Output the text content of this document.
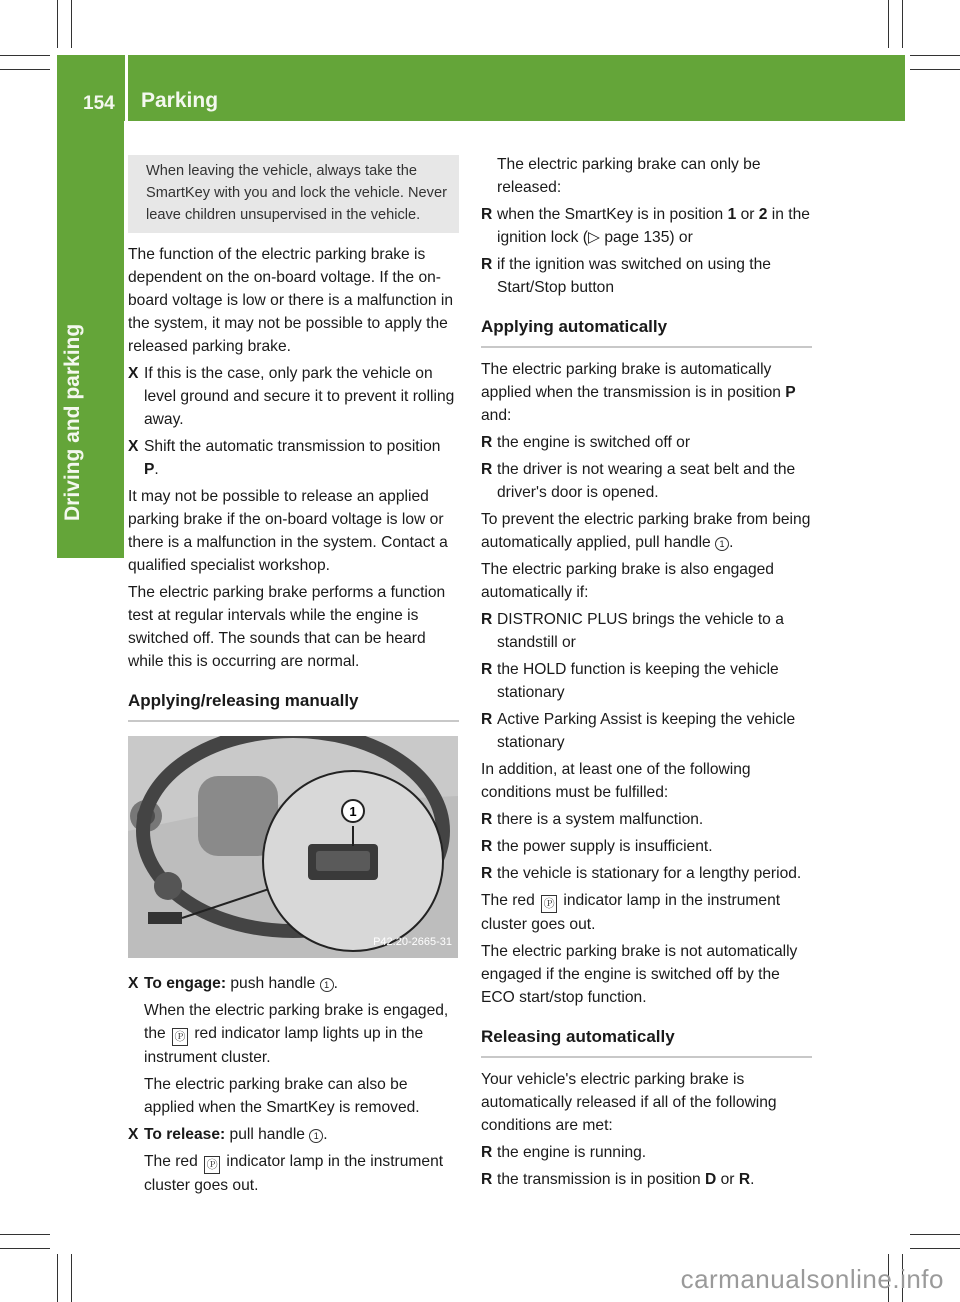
154 Parking
Driving and parking
When leaving the vehicle, always take the SmartKey with you and lock the vehicle. Never leave children unsupervised in the vehicle.

The function of the electric parking brake is dependent on the on-board voltage. If the on-board voltage is low or there is a malfunction in the system, it may not be possible to apply the released parking brake.

X If this is the case, only park the vehicle on level ground and secure it to prevent it rolling away.
X Shift the automatic transmission to position P.

It may not be possible to release an applied parking brake if the on-board voltage is low or there is a malfunction in the system. Contact a qualified specialist workshop.

The electric parking brake performs a function test at regular intervals while the engine is switched off. The sounds that can be heard while this is occurring are normal.

Applying/releasing manually
1
P42.20-2665-31
X To engage: push handle 1 .

When the electric parking brake is engaged, the Ⓟ red indicator lamp lights up in the instrument cluster.

The electric parking brake can also be applied when the SmartKey is removed.

X To release: pull handle 1 .

The red Ⓟ indicator lamp in the instrument cluster goes out.

The electric parking brake can only be released:

R when the SmartKey is in position 1 or 2 in the ignition lock (▷ page 135) or
R if the ignition was switched on using the Start/Stop button
Applying automatically

The electric parking brake is automatically applied when the transmission is in position P and:

R the engine is switched off or
R the driver is not wearing a seat belt and the driver's door is opened.

To prevent the electric parking brake from being automatically applied, pull handle 1 .

The electric parking brake is also engaged automatically if:

R DISTRONIC PLUS brings the vehicle to a standstill or
R the HOLD function is keeping the vehicle stationary
R Active Parking Assist is keeping the vehicle stationary

In addition, at least one of the following conditions must be fulfilled:

R there is a system malfunction.
R the power supply is insufficient.
R the vehicle is stationary for a lengthy period.

The red Ⓟ indicator lamp in the instrument cluster goes out.

The electric parking brake is not automatically engaged if the engine is switched off by the ECO start/stop function.

Releasing automatically

Your vehicle's electric parking brake is automatically released if all of the following conditions are met:

R the engine is running.
R the transmission is in position D or R.
carmanualsonline.info
